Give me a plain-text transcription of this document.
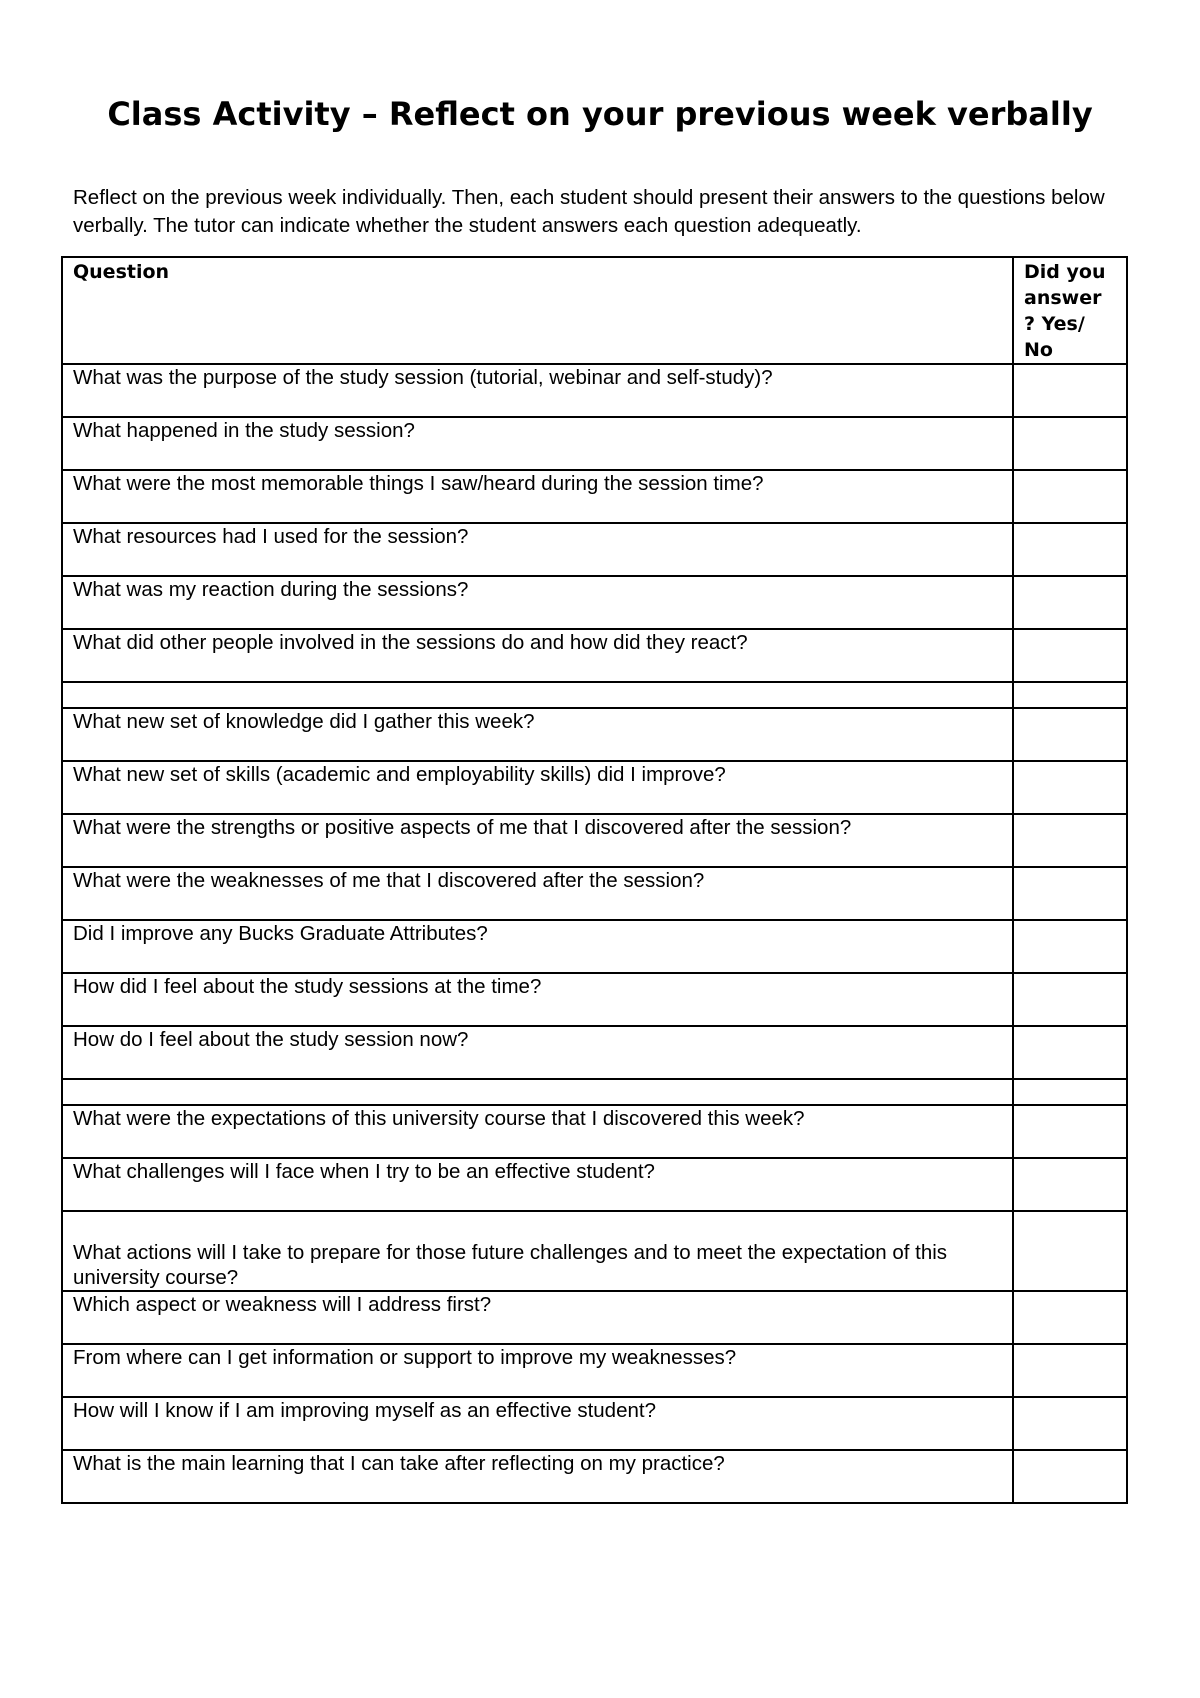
Class Activity – Reflect on your previous week verbally

Reflect on the previous week individually. Then, each student should present their answers to the questions below verbally. The tutor can indicate whether the student answers each question adequeatly.

Question	Did you answer ? Yes/ No
What was the purpose of the study session (tutorial, webinar and self-study)?	
What happened in the study session?	
What were the most memorable things I saw/heard during the session time?	
What resources had I used for the session?	
What was my reaction during the sessions?	
What did other people involved in the sessions do and how did they react?	

What new set of knowledge did I gather this week?	
What new set of skills (academic and employability skills) did I improve?	
What were the strengths or positive aspects of me that I discovered after the session?	
What were the weaknesses of me that I discovered after the session?	
Did I improve any Bucks Graduate Attributes?	
How did I feel about the study sessions at the time?	
How do I feel about the study session now?	

What were the expectations of this university course that I discovered this week?	
What challenges will I face when I try to be an effective student?	
What actions will I take to prepare for those future challenges and to meet the expectation of this university course?	
Which aspect or weakness will I address first?	
From where can I get information or support to improve my weaknesses?	
How will I know if I am improving myself as an effective student?	
What is the main learning that I can take after reflecting on my practice?	
